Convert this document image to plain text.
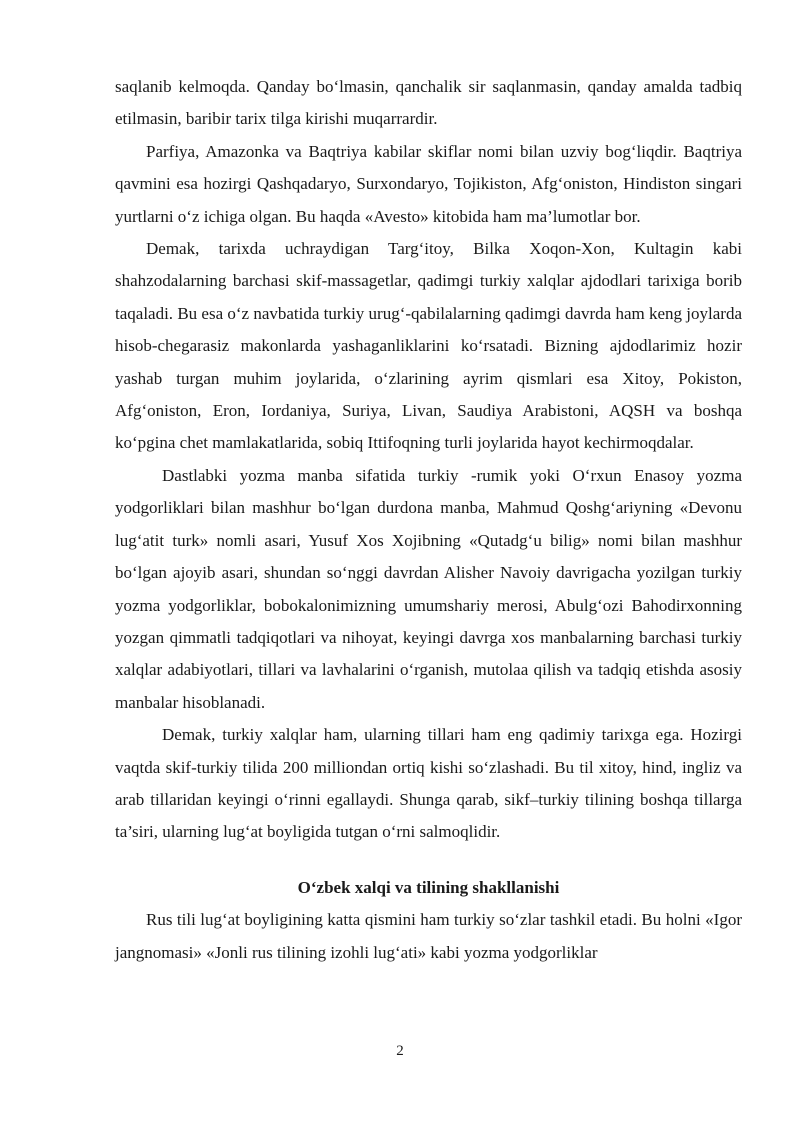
saqlanib kelmoqda. Qanday bo‘lmasin, qanchalik sir saqlanmasin, qanday amalda tadbiq etilmasin, baribir tarix tilga kirishi muqarrardir.

Parfiya, Amazonka va Baqtriya kabilar skiflar nomi bilan uzviy bog‘liqdir. Baqtriya qavmini esa hozirgi Qashqadaryo, Surxondaryo, Tojikiston, Afg‘oniston, Hindiston singari yurtlarni o‘z ichiga olgan. Bu haqda «Avesto» kitobida ham ma’lumotlar bor.

Demak, tarixda uchraydigan Targ‘itoy, Bilka Xoqon-Xon, Kultagin kabi shahzodalarning barchasi skif-massagetlar, qadimgi turkiy xalqlar ajdodlari tarixiga borib taqaladi. Bu esa o‘z navbatida turkiy urug‘-qabilalarning qadimgi davrda ham keng joylarda hisob-chegarasiz makonlarda yashaganliklarini ko‘rsatadi. Bizning ajdodlarimiz hozir yashab turgan muhim joylarida, o‘zlarining ayrim qismlari esa Xitoy, Pokiston, Afg‘oniston, Eron, Iordaniya, Suriya, Livan, Saudiya Arabistoni, AQSH va boshqa ko‘pgina chet mamlakatlarida, sobiq Ittifoqning turli joylarida hayot kechirmoqdalar.

Dastlabki yozma manba sifatida turkiy -rumik yoki O‘rxun Enasoy yozma yodgorliklari bilan mashhur bo‘lgan durdona manba, Mahmud Qoshg‘ariyning «Devonu lug‘atit turk» nomli asari, Yusuf Xos Xojibning «Qutadg‘u bilig» nomi bilan mashhur bo‘lgan ajoyib asari, shundan so‘nggi davrdan Alisher Navoiy davrigacha yozilgan turkiy yozma yodgorliklar, bobokalonimizning umumshariy merosi, Abulg‘ozi Bahodirxonning yozgan qimmatli tadqiqotlari va nihoyat, keyingi davrga xos manbalarning barchasi turkiy xalqlar adabiyotlari, tillari va lavhalarini o‘rganish, mutolaa qilish va tadqiq etishda asosiy manbalar hisoblanadi.

Demak, turkiy xalqlar ham, ularning tillari ham eng qadimiy tarixga ega. Hozirgi vaqtda skif-turkiy tilida 200 milliondan ortiq kishi so‘zlashadi. Bu til xitoy, hind, ingliz va arab tillaridan keyingi o‘rinni egallaydi. Shunga qarab, sikf–turkiy tilining boshqa tillarga ta’siri, ularning lug‘at boyligida tutgan o‘rni salmoqlidir.

O‘zbek xalqi va tilining shakllanishi

Rus tili lug‘at boyligining katta qismini ham turkiy so‘zlar tashkil etadi. Bu holni «Igor jangnomasi» «Jonli rus tilining izohli lug‘ati» kabi yozma yodgorliklar

2
